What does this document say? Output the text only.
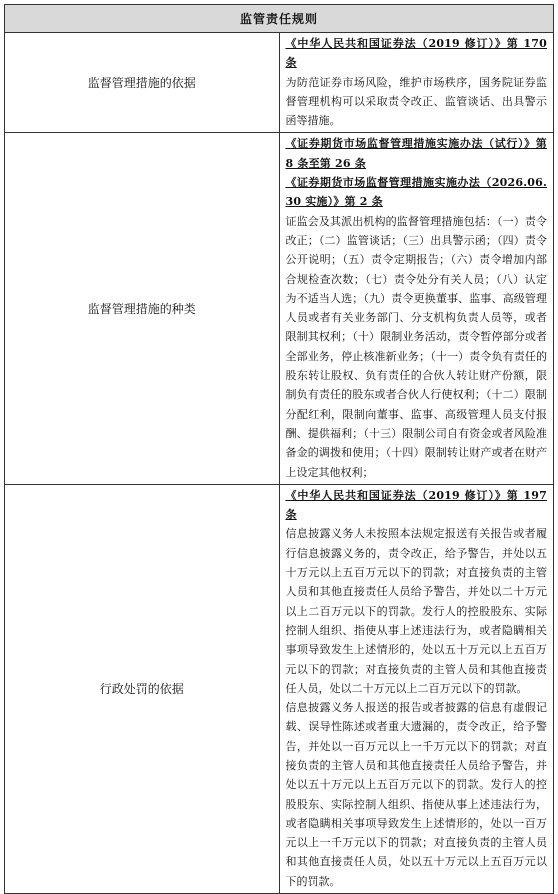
监管责任规则	
监督管理措施的依据	《中华人民共和国证券法（2019 修订）》第 170 条
为防范证券市场风险，维护市场秩序，国务院证券监督管理机构可以采取责令改正、监管谈话、出具警示函等措施。

监督管理措施的种类	《证券期货市场监督管理措施实施办法（试行）》第 8 条至第 26 条
《证券期货市场监督管理措施实施办法（2026.06.30 实施）》第 2 条
证监会及其派出机构的监督管理措施包括：（一）责令改正；（二）监管谈话；（三）出具警示函；（四）责令公开说明；（五）责令定期报告；（六）责令增加内部合规检查次数；（七）责令处分有关人员；（八）认定为不适当人选；（九）责令更换董事、监事、高级管理人员或者有关业务部门、分支机构负责人员等，或者限制其权利；（十）限制业务活动，责令暂停部分或者全部业务，停止核准新业务；（十一）责令负有责任的股东转让股权、负有责任的合伙人转让财产份额，限制负有责任的股东或者合伙人行使权利；（十二）限制分配红利，限制向董事、监事、高级管理人员支付报酬、提供福利；（十三）限制公司自有资金或者风险准备金的调拨和使用；（十四）限制转让财产或者在财产上设定其他权利；

行政处罚的依据	《中华人民共和国证券法（2019 修订）》第 197 条
信息披露义务人未按照本法规定报送有关报告或者履行信息披露义务的，责令改正，给予警告，并处以五十万元以上五百万元以下的罚款；对直接负责的主管人员和其他直接责任人员给予警告，并处以二十万元以上二百万元以下的罚款。发行人的控股股东、实际控制人组织、指使从事上述违法行为，或者隐瞒相关事项导致发生上述情形的，处以五十万元以上五百万元以下的罚款；对直接负责的主管人员和其他直接责任人员，处以二十万元以上二百万元以下的罚款。
信息披露义务人报送的报告或者披露的信息有虚假记载、误导性陈述或者重大遗漏的，责令改正，给予警告，并处以一百万元以上一千万元以下的罚款；对直接负责的主管人员和其他直接责任人员给予警告，并处以五十万元以上五百万元以下的罚款。发行人的控股股东、实际控制人组织、指使从事上述违法行为，或者隐瞒相关事项导致发生上述情形的，处以一百万元以上一千万元以下的罚款；对直接负责的主管人员和其他直接责任人员，处以五十万元以上五百万元以下的罚款。
